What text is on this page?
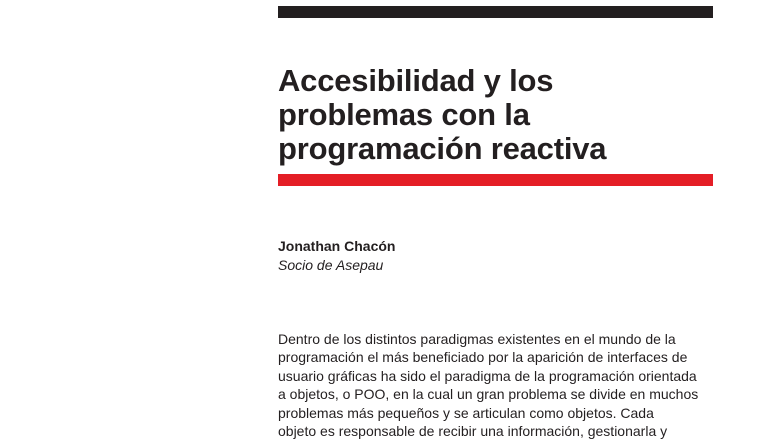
Accesibilidad y los
problemas con la
programación reactiva

Jonathan Chacón

Socio de Asepau

Dentro de los distintos paradigmas existentes en el mundo de la
programación el más beneficiado por la aparición de interfaces de
usuario gráficas ha sido el paradigma de la programación orientada
a objetos, o POO, en la cual un gran problema se divide en muchos
problemas más pequeños y se articulan como objetos. Cada
objeto es responsable de recibir una información, gestionarla y
